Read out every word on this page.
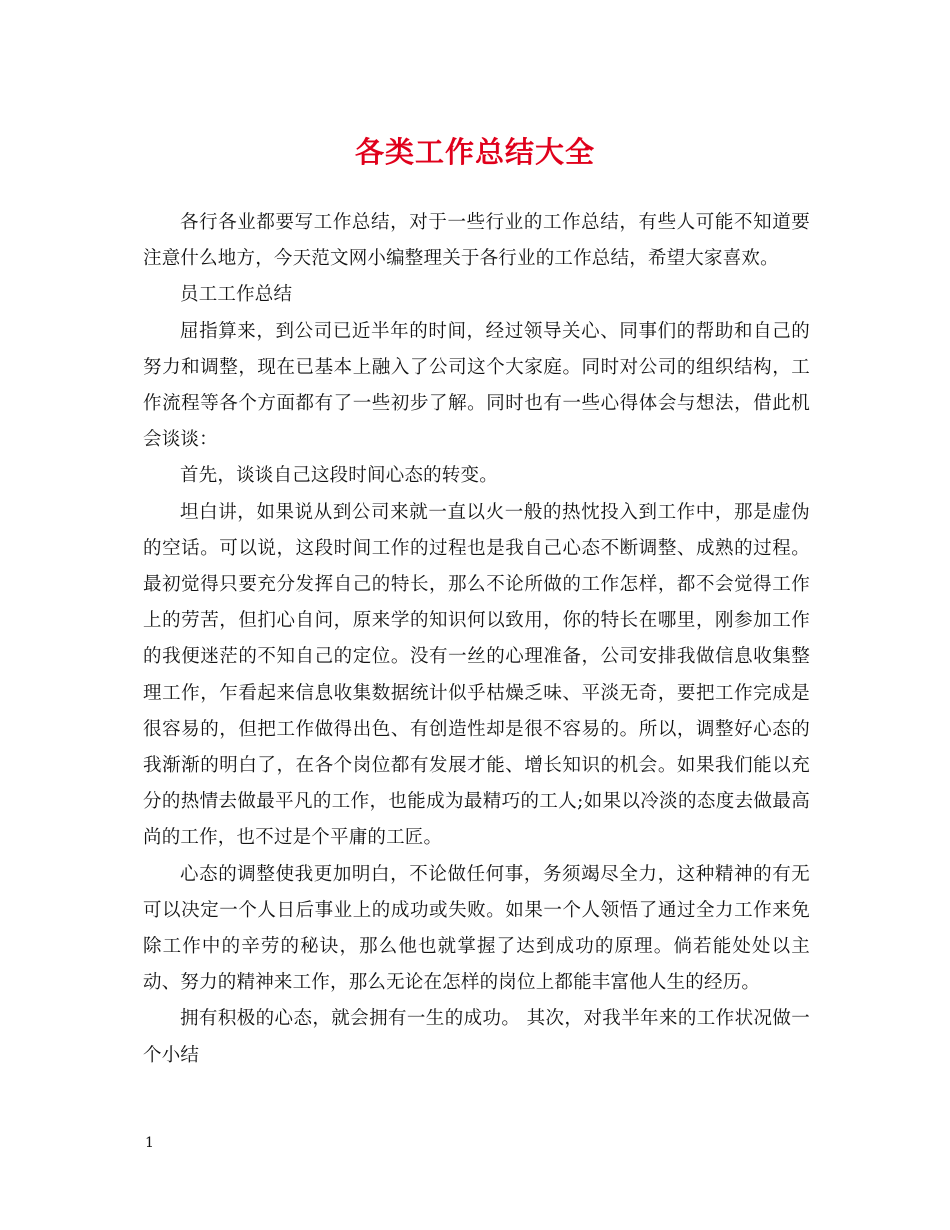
各类工作总结大全

各行各业都要写工作总结，对于一些行业的工作总结，有些人可能不知道要注意什么地方，今天范文网小编整理关于各行业的工作总结，希望大家喜欢。

员工工作总结

屈指算来，到公司已近半年的时间，经过领导关心、同事们的帮助和自己的努力和调整，现在已基本上融入了公司这个大家庭。同时对公司的组织结构，工作流程等各个方面都有了一些初步了解。同时也有一些心得体会与想法，借此机会谈谈：

首先，谈谈自己这段时间心态的转变。

坦白讲，如果说从到公司来就一直以火一般的热忱投入到工作中，那是虚伪的空话。可以说，这段时间工作的过程也是我自己心态不断调整、成熟的过程。最初觉得只要充分发挥自己的特长，那么不论所做的工作怎样，都不会觉得工作上的劳苦，但扪心自问，原来学的知识何以致用，你的特长在哪里，刚参加工作的我便迷茫的不知自己的定位。没有一丝的心理准备，公司安排我做信息收集整理工作，乍看起来信息收集数据统计似乎枯燥乏味、平淡无奇，要把工作完成是很容易的，但把工作做得出色、有创造性却是很不容易的。所以，调整好心态的我渐渐的明白了，在各个岗位都有发展才能、增长知识的机会。如果我们能以充分的热情去做最平凡的工作，也能成为最精巧的工人;如果以冷淡的态度去做最高尚的工作，也不过是个平庸的工匠。

心态的调整使我更加明白，不论做任何事，务须竭尽全力，这种精神的有无可以决定一个人日后事业上的成功或失败。如果一个人领悟了通过全力工作来免除工作中的辛劳的秘诀，那么他也就掌握了达到成功的原理。倘若能处处以主动、努力的精神来工作，那么无论在怎样的岗位上都能丰富他人生的经历。

拥有积极的心态，就会拥有一生的成功。 其次，对我半年来的工作状况做一个小结

1
